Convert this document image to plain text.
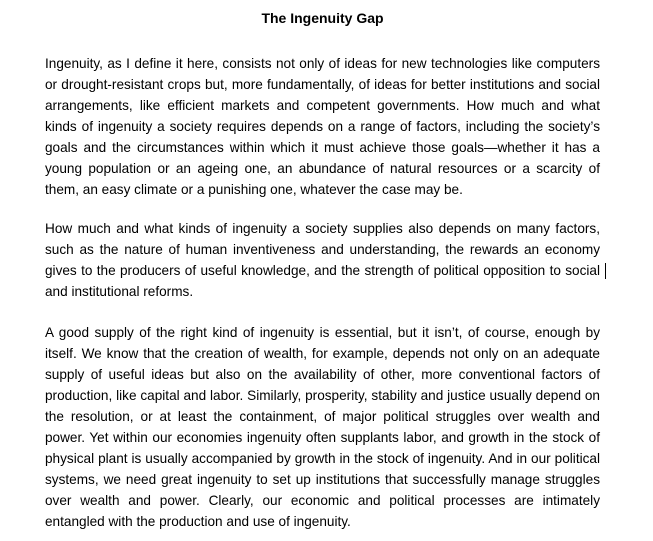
The Ingenuity Gap

Ingenuity, as I define it here, consists not only of ideas for new technologies like computers or drought-resistant crops but, more fundamentally, of ideas for better institutions and social arrangements, like efficient markets and competent governments. How much and what kinds of ingenuity a society requires depends on a range of factors, including the society’s goals and the circumstances within which it must achieve those goals—whether it has a young population or an ageing one, an abundance of natural resources or a scarcity of them, an easy climate or a punishing one, whatever the case may be.

How much and what kinds of ingenuity a society supplies also depends on many factors, such as the nature of human inventiveness and understanding, the rewards an economy gives to the producers of useful knowledge, and the strength of political opposition to social and institutional reforms.

A good supply of the right kind of ingenuity is essential, but it isn’t, of course, enough by itself. We know that the creation of wealth, for example, depends not only on an adequate supply of useful ideas but also on the availability of other, more conventional factors of production, like capital and labor. Similarly, prosperity, stability and justice usually depend on the resolution, or at least the containment, of major political struggles over wealth and power. Yet within our economies ingenuity often supplants labor, and growth in the stock of physical plant is usually accompanied by growth in the stock of ingenuity. And in our political systems, we need great ingenuity to set up institutions that successfully manage struggles over wealth and power. Clearly, our economic and political processes are intimately entangled with the production and use of ingenuity.
